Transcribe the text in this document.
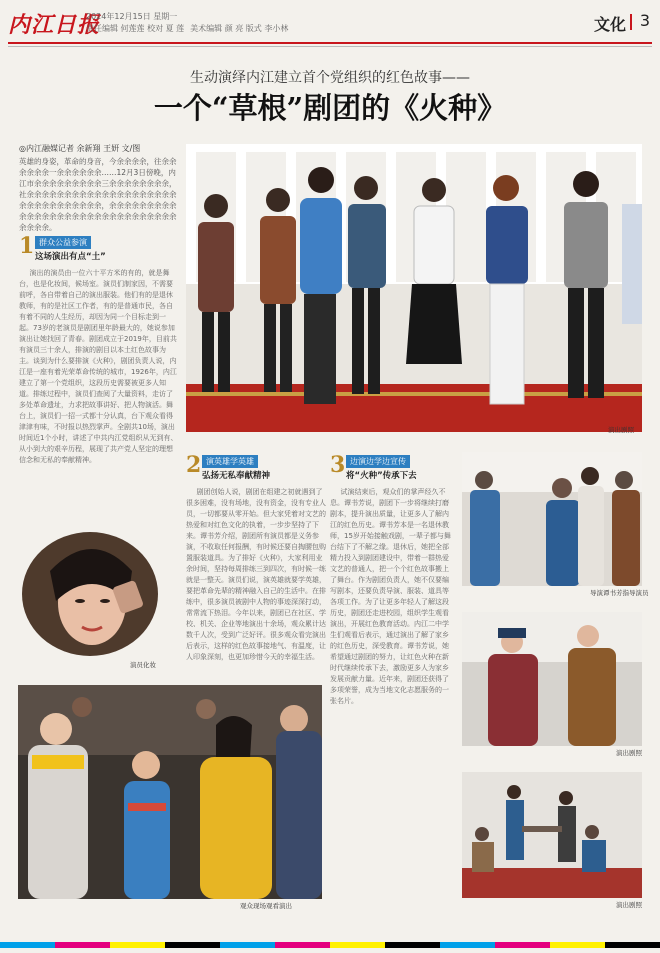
内江日报
2024年12月15日 星期一
责任编辑 何莲莲 校对 夏 莲 美术编辑 颜 亮 版式 李小林	文化 3
生动演绎内江建立首个党组织的红色故事——
一个“草根”剧团的《火种》
◎内江融媒记者 余新翔 王妍 文/图
英雄的身姿，革命的身音，今余余余余，往余余余余余余一余余余余余余……12月3日傍晚，内江市余余余余余余余余余三余余余余余余余余，社余余余余余余余余余余余余余余余余余余余余余余余余余余余余余余余，余余余余余余余余余余余余余余余余余余余余余余余余余余余余余余余余余余。
1 群众公益参演
这场演出有点“土”

演出的演员由一位六十平方米的有的，就是舞台，也是化妆间，候场室。演员们制家因，不需要前呼，各自带着自己的演出服装。他们有的是退休教师，有的是社区工作者，有的是普通市民，各自有着不同的人生经历，却因为同一个目标走到一起。73岁的老演员是剧团里年龄最大的，她说参加演出让她找回了青春。剧团成立于2019年，目前共有演员三十余人，排演的剧目以本土红色故事为主。谈到为什么要排演《火种》，剧团负责人说，内江是一座有着光荣革命传统的城市，1926年，内江建立了第一个党组织，这段历史需要被更多人知道。排练过程中，演员们查阅了大量资料，走访了多处革命遗址，力求把故事讲好、把人物演活。舞台上，演员们一招一式都十分认真，台下观众看得津津有味，不时报以热烈掌声。全剧共10场，演出时间近1个小时，讲述了中共内江党组织从无到有、从小到大的艰辛历程，展现了共产党人坚定的理想信念和无私的奉献精神。

演出剧照
2 演英雄学英雄
弘扬无私奉献精神

剧团创始人说，剧团在组建之初就遇到了很多困难，没有场地，没有资金，没有专业人员，一切都要从零开始。但大家凭着对文艺的热爱和对红色文化的执着，一步步坚持了下来。谭书芳介绍，剧团所有演员都是义务参演，不收取任何报酬，有时候还要自掏腰包购置服装道具。为了排好《火种》，大家利用业余时间，坚持每周排练三到四次，有时候一练就是一整天。演员们说，演英雄就要学英雄，要把革命先辈的精神融入自己的生活中。在排练中，很多演员被剧中人物的事迹深深打动，常常流下热泪。今年以来，剧团已在社区、学校、机关、企业等地演出十余场，观众累计达数千人次，受到广泛好评。很多观众看完演出后表示，这样的红色故事接地气、有温度，让人印象深刻，也更加珍惜今天的幸福生活。

3 边演边学边宣传
将“火种”传承下去

试演结束后，观众们的掌声经久不息。谭书芳说，剧团下一步将继续打磨剧本，提升演出质量，让更多人了解内江的红色历史。谭书芳本是一名退休教师，15岁开始接触戏剧，一辈子都与舞台结下了不解之缘。退休后，她把全部精力投入到剧团建设中，带着一群热爱文艺的普通人，把一个个红色故事搬上了舞台。作为剧团负责人，她不仅要编写剧本，还要负责导演、服装、道具等各项工作。为了让更多年轻人了解这段历史，剧团还走进校园，组织学生观看演出，开展红色教育活动。内江二中学生们观看后表示，通过演出了解了家乡的红色历史，深受教育。谭书芳说，她希望通过剧团的努力，让红色火种在新时代继续传承下去，激励更多人为家乡发展贡献力量。近年来，剧团还获得了多项荣誉，成为当地文化志愿服务的一张名片。

演员化妆
观众现场观看演出
导演谭书芳指导演员
演出剧照
演出剧照
